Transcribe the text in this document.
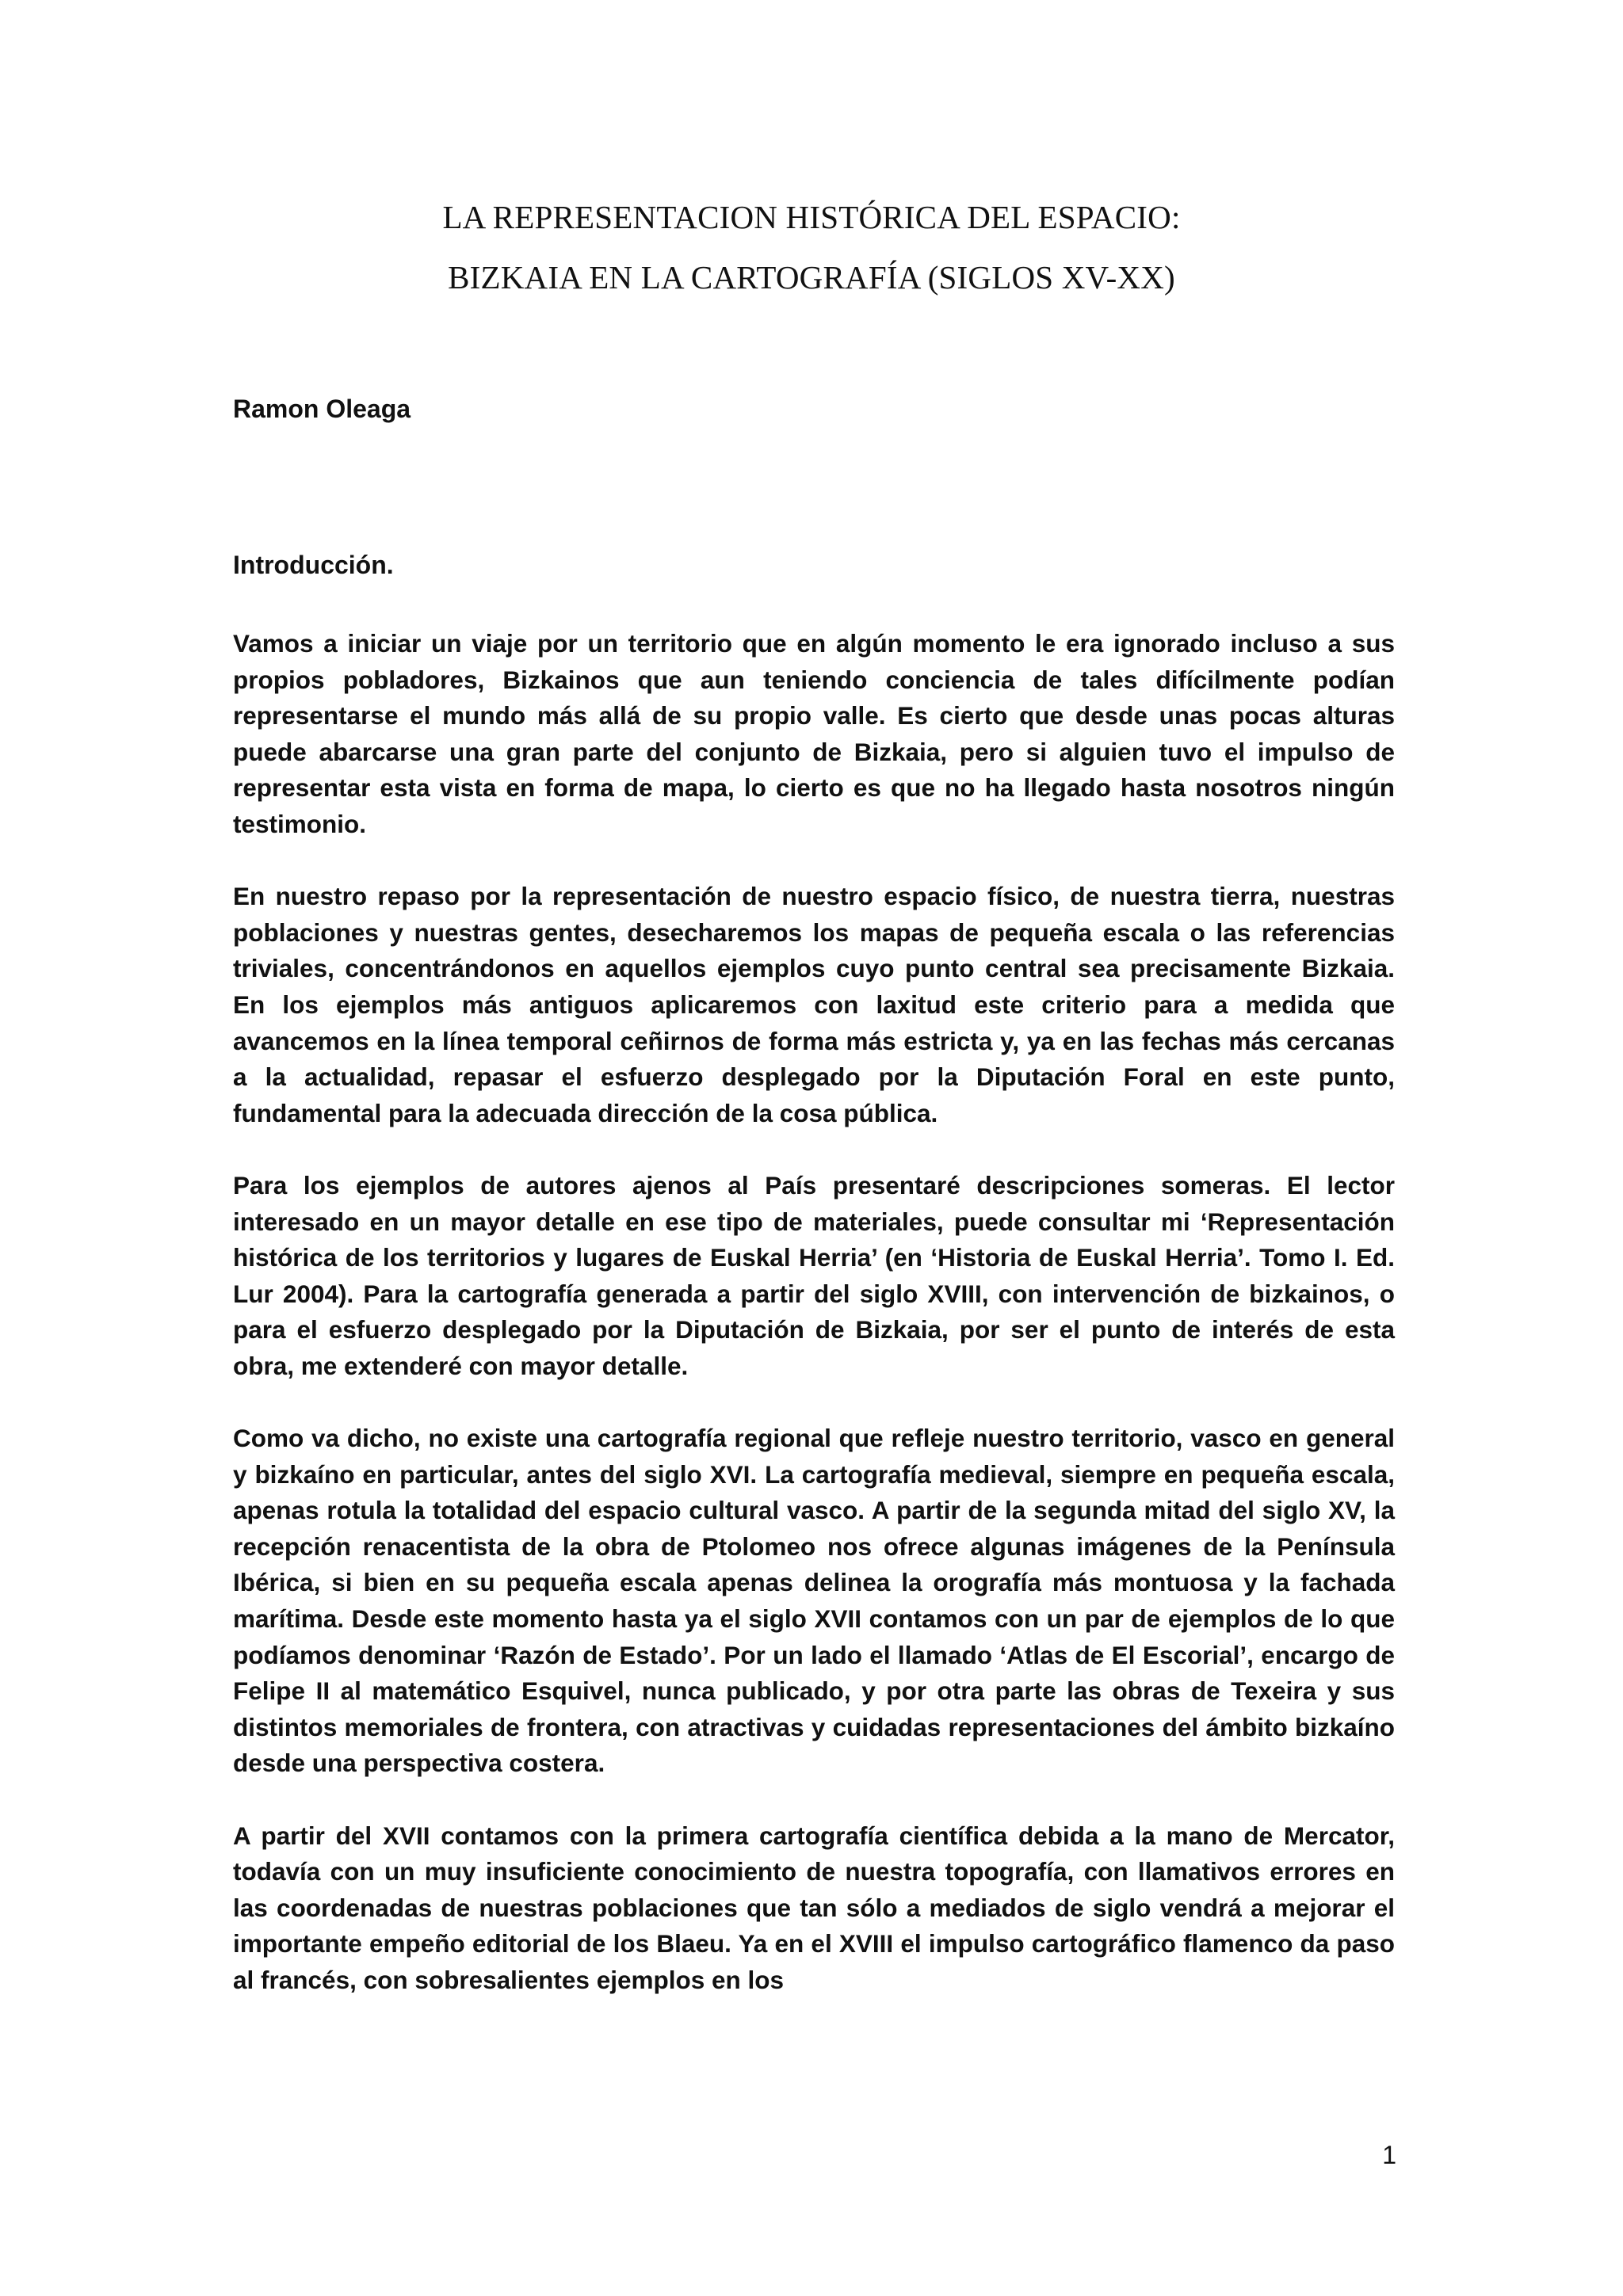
LA REPRESENTACION HISTÓRICA DEL ESPACIO:
BIZKAIA EN LA CARTOGRAFÍA (SIGLOS XV-XX)
Ramon Oleaga
Introducción.

Vamos a iniciar un viaje por un territorio que en algún momento le era ignorado incluso a sus propios pobladores, Bizkainos que aun teniendo conciencia de tales difícilmente podían representarse el mundo más allá de su propio valle. Es cierto que desde unas pocas alturas puede abarcarse una gran parte del conjunto de Bizkaia, pero si alguien tuvo el impulso de representar esta vista en forma de mapa, lo cierto es que no ha llegado hasta nosotros ningún testimonio.

En nuestro repaso por la representación de nuestro espacio físico, de nuestra tierra, nuestras poblaciones y nuestras gentes, desecharemos los mapas de pequeña escala o las referencias triviales, concentrándonos en aquellos ejemplos cuyo punto central sea precisamente Bizkaia. En los ejemplos más antiguos aplicaremos con laxitud este criterio para a medida que avancemos en la línea temporal ceñirnos de forma más estricta y, ya en las fechas más cercanas a la actualidad, repasar el esfuerzo desplegado por la Diputación Foral en este punto, fundamental para la adecuada dirección de la cosa pública.

Para los ejemplos de autores ajenos al País presentaré descripciones someras. El lector interesado en un mayor detalle en ese tipo de materiales, puede consultar mi ‘Representación histórica de los territorios y lugares de Euskal Herria’ (en ‘Historia de Euskal Herria’. Tomo I. Ed. Lur 2004). Para la cartografía generada a partir del siglo XVIII, con intervención de bizkainos, o para el esfuerzo desplegado por la Diputación de Bizkaia, por ser el punto de interés de esta obra, me extenderé con mayor detalle.

Como va dicho, no existe una cartografía regional que refleje nuestro territorio, vasco en general y bizkaíno en particular, antes del siglo XVI. La cartografía medieval, siempre en pequeña escala, apenas rotula la totalidad del espacio cultural vasco. A partir de la segunda mitad del siglo XV, la recepción renacentista de la obra de Ptolomeo nos ofrece algunas imágenes de la Península Ibérica, si bien en su pequeña escala apenas delinea la orografía más montuosa y la fachada marítima. Desde este momento hasta ya el siglo XVII contamos con un par de ejemplos de lo que podíamos denominar ‘Razón de Estado’. Por un lado el llamado ‘Atlas de El Escorial’, encargo de Felipe II al matemático Esquivel, nunca publicado, y por otra parte las obras de Texeira y sus distintos memoriales de frontera, con atractivas y cuidadas representaciones del ámbito bizkaíno desde una perspectiva costera.

A partir del XVII contamos con la primera cartografía científica debida a la mano de Mercator, todavía con un muy insuficiente conocimiento de nuestra topografía, con llamativos errores en las coordenadas de nuestras poblaciones que tan sólo a mediados de siglo vendrá a mejorar el importante empeño editorial de los Blaeu. Ya en el XVIII el impulso cartográfico flamenco da paso al francés, con sobresalientes ejemplos en los

1
